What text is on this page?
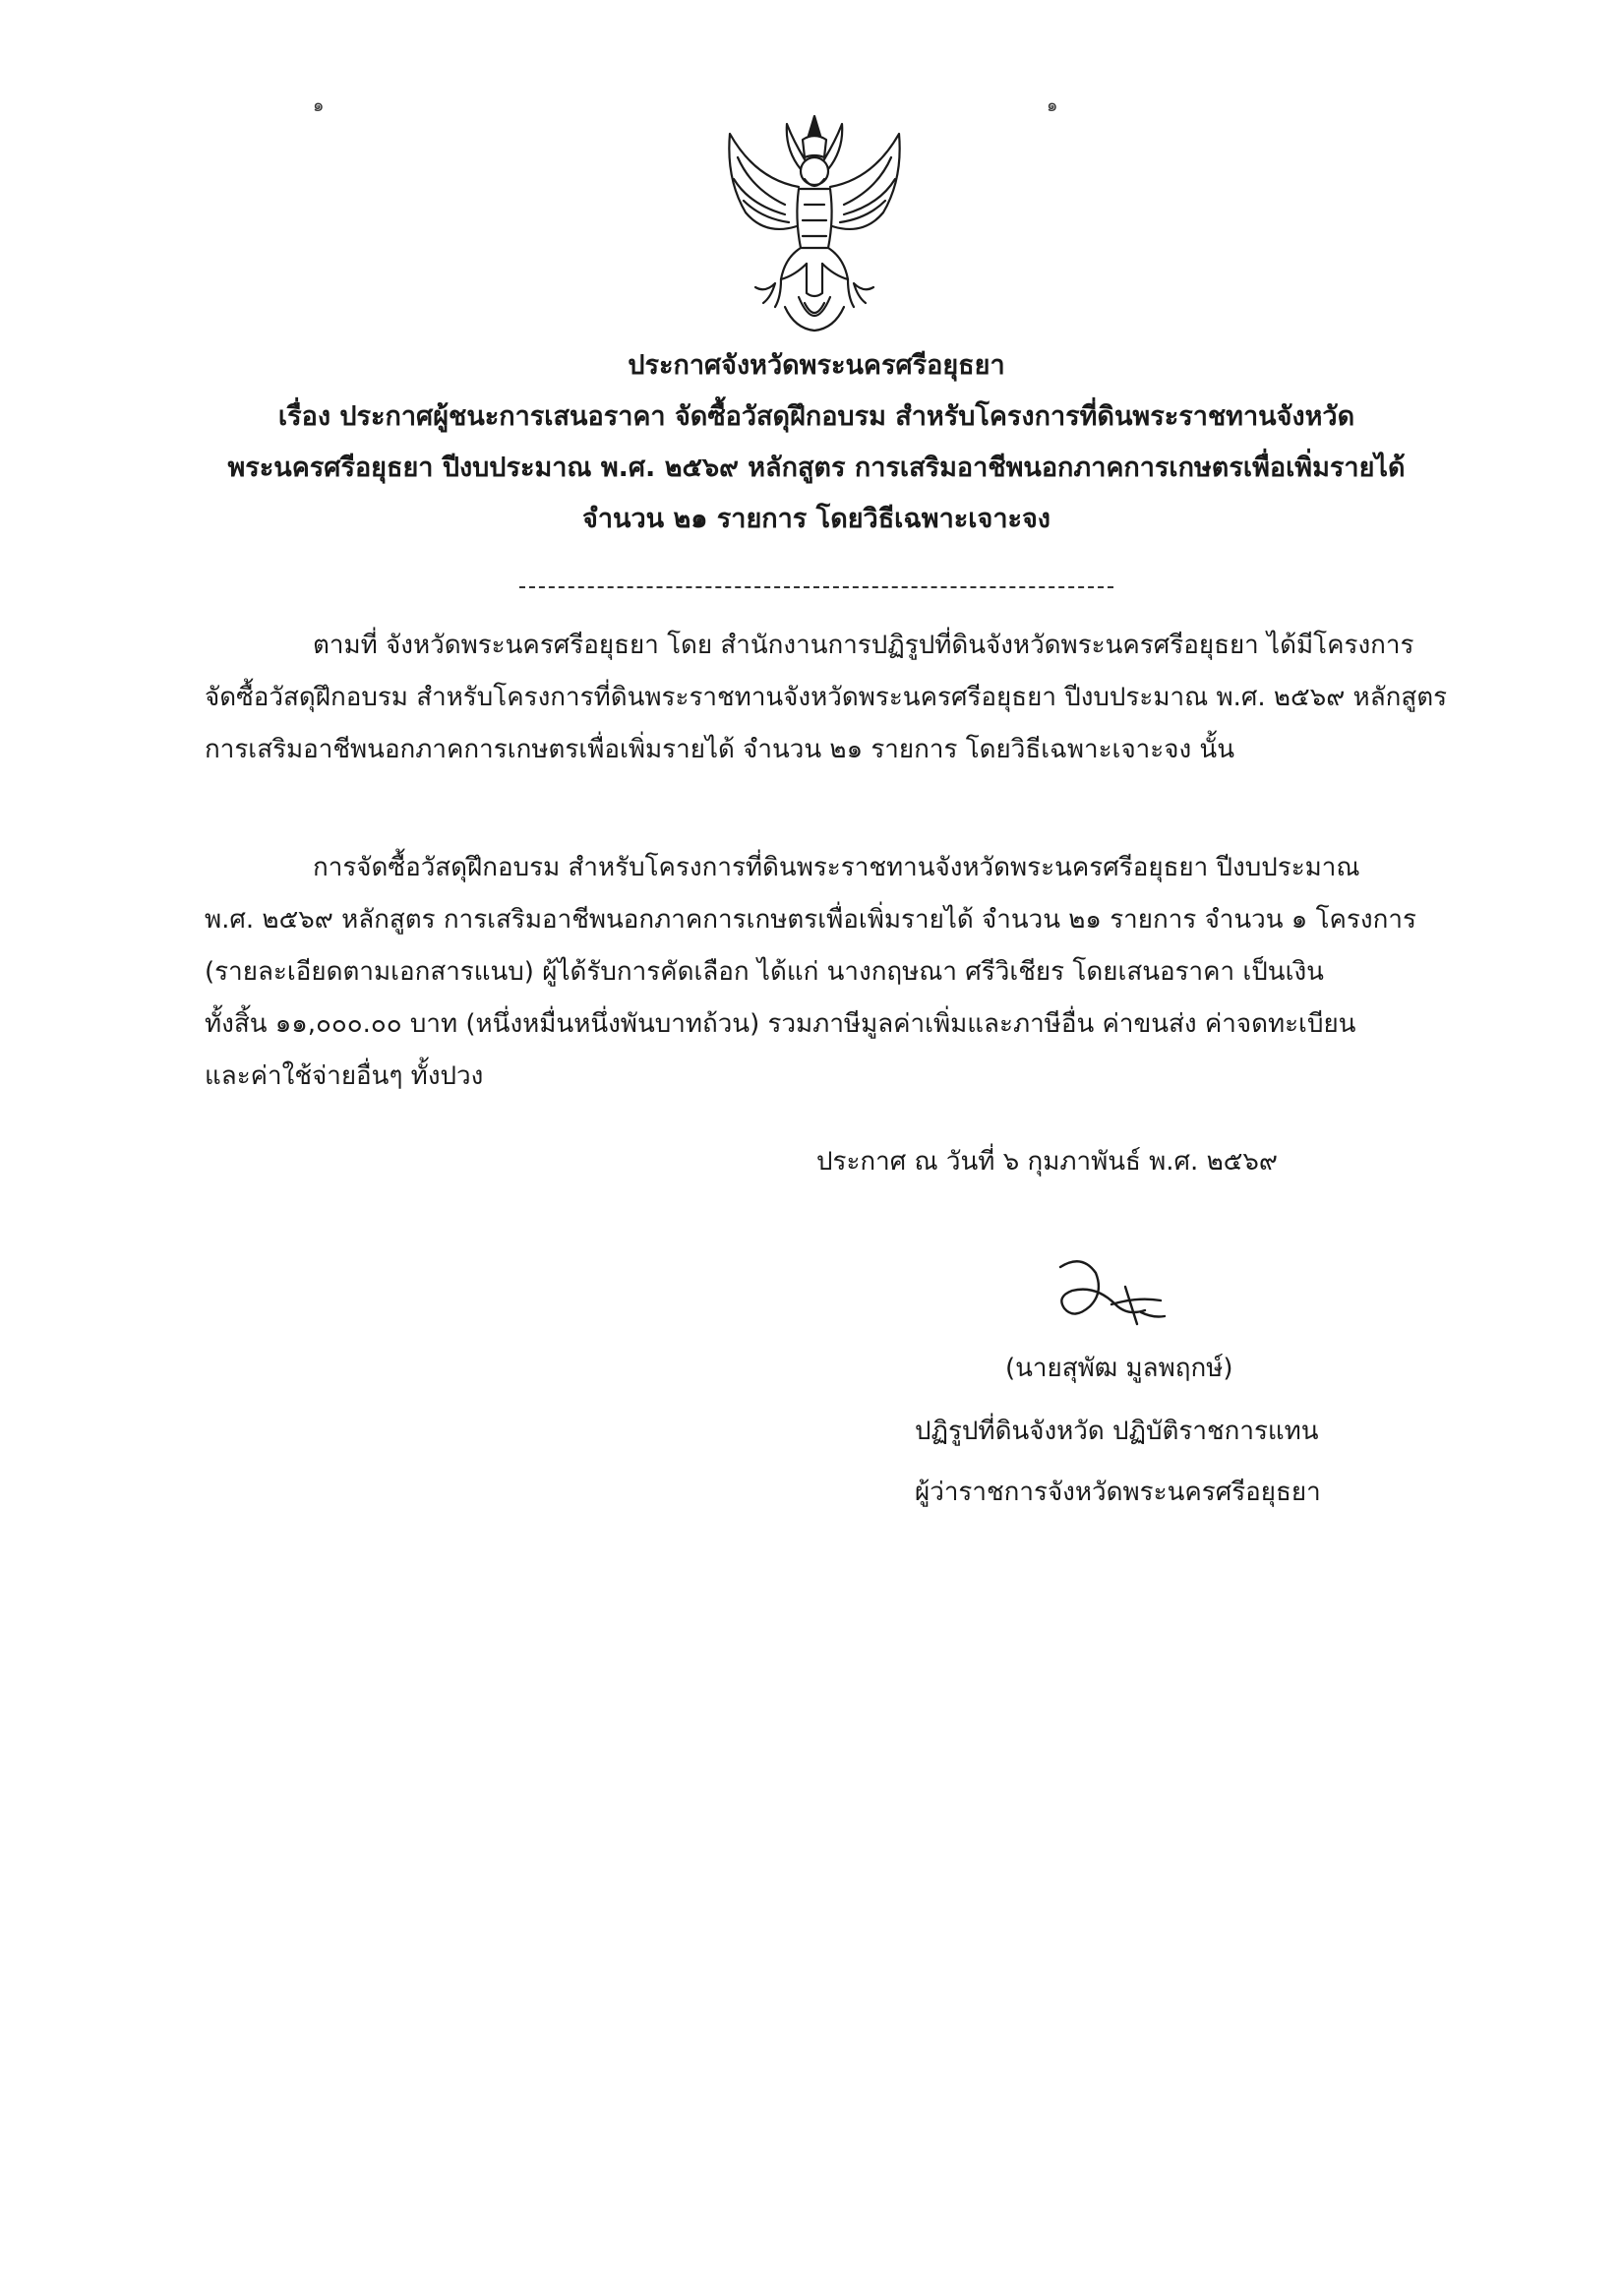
๑	๑
ประกาศจังหวัดพระนครศรีอยุธยา
เรื่อง ประกาศผู้ชนะการเสนอราคา จัดซื้อวัสดุฝึกอบรม สำหรับโครงการที่ดินพระราชทานจังหวัด
พระนครศรีอยุธยา ปีงบประมาณ พ.ศ. ๒๕๖๙ หลักสูตร การเสริมอาชีพนอกภาคการเกษตรเพื่อเพิ่มรายได้
จำนวน ๒๑ รายการ โดยวิธีเฉพาะเจาะจง
ตามที่ จังหวัดพระนครศรีอยุธยา โดย สำนักงานการปฏิรูปที่ดินจังหวัดพระนครศรีอยุธยา ได้มีโครงการ
จัดซื้อวัสดุฝึกอบรม สำหรับโครงการที่ดินพระราชทานจังหวัดพระนครศรีอยุธยา ปีงบประมาณ พ.ศ. ๒๕๖๙ หลักสูตร
การเสริมอาชีพนอกภาคการเกษตรเพื่อเพิ่มรายได้ จำนวน ๒๑ รายการ โดยวิธีเฉพาะเจาะจง นั้น
การจัดซื้อวัสดุฝึกอบรม สำหรับโครงการที่ดินพระราชทานจังหวัดพระนครศรีอยุธยา ปีงบประมาณ
พ.ศ. ๒๕๖๙ หลักสูตร การเสริมอาชีพนอกภาคการเกษตรเพื่อเพิ่มรายได้ จำนวน ๒๑ รายการ จำนวน ๑ โครงการ
(รายละเอียดตามเอกสารแนบ) ผู้ได้รับการคัดเลือก ได้แก่ นางกฤษณา ศรีวิเชียร โดยเสนอราคา เป็นเงิน
ทั้งสิ้น ๑๑,๐๐๐.๐๐ บาท (หนึ่งหมื่นหนึ่งพันบาทถ้วน) รวมภาษีมูลค่าเพิ่มและภาษีอื่น ค่าขนส่ง ค่าจดทะเบียน
และค่าใช้จ่ายอื่นๆ ทั้งปวง
ประกาศ ณ วันที่ ๖ กุมภาพันธ์ พ.ศ. ๒๕๖๙
(นายสุพัฒ มูลพฤกษ์)
ปฏิรูปที่ดินจังหวัด ปฏิบัติราชการแทน
ผู้ว่าราชการจังหวัดพระนครศรีอยุธยา
